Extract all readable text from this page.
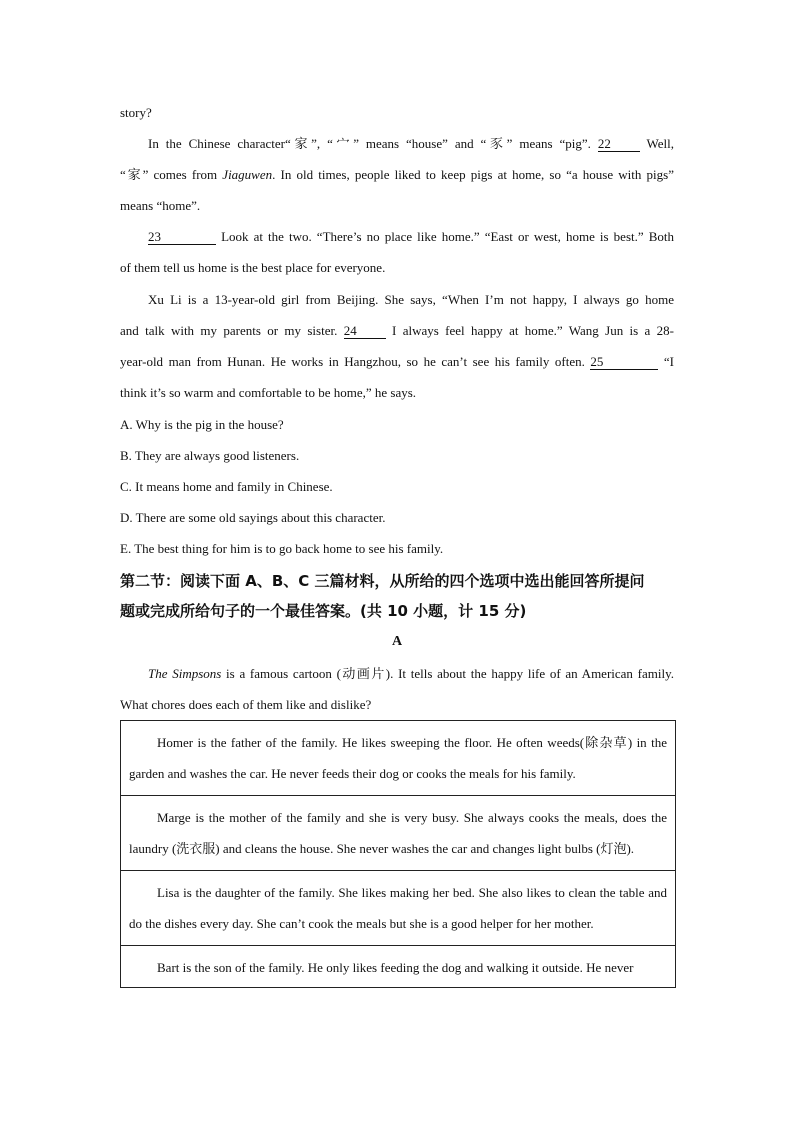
story?
In the Chinese character“家”, “宀” means “house” and “豕” means “pig”. 22 Well,
“家” comes from Jiaguwen. In old times, people liked to keep pigs at home, so “a house with pigs”
means “home”.
23	Look at the two. “There’s no place like home.” “East or west, home is best.” Both
of them tell us home is the best place for everyone.
Xu Li is a 13-year-old girl from Beijing. She says, “When I’m not happy, I always go home
and talk with my parents or my sister. 24 I always feel happy at home.” Wang Jun is a 28-
year-old man from Hunan. He works in Hangzhou, so he can’t see his family often. 25	“I
think it’s so warm and comfortable to be home,” he says.
A. Why is the pig in the house?
B. They are always good listeners.
C. It means home and family in Chinese.
D. There are some old sayings about this character.
E. The best thing for him is to go back home to see his family.
第二节：阅读下面 A、B、C 三篇材料，从所给的四个选项中选出能回答所提问
题或完成所给句子的一个最佳答案。(共 10 小题，计 15 分)
A
The Simpsons is a famous cartoon (动画片). It tells about the happy life of an American family.
What chores does each of them like and dislike?
Homer is the father of the family. He likes sweeping the floor. He often weeds(除杂草) in the garden and washes the car. He never feeds their dog or cooks the meals for his family.

Marge is the mother of the family and she is very busy. She always cooks the meals, does the laundry (洗衣服) and cleans the house. She never washes the car and changes light bulbs (灯泡).

Lisa is the daughter of the family. She likes making her bed. She also likes to clean the table and do the dishes every day. She can’t cook the meals but she is a good helper for her mother.

Bart is the son of the family. He only likes feeding the dog and walking it outside. He never
